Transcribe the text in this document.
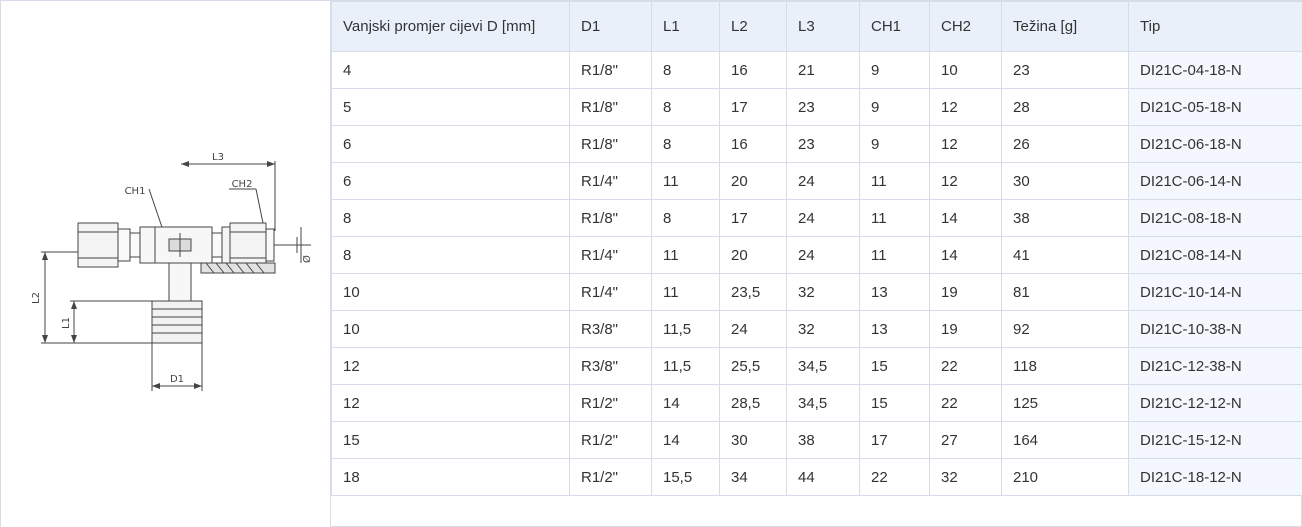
L3
CH1
CH2
D1
L2
L1
Ø
Vanjski promjer cijevi D [mm]	D1	L1	L2	L3	CH1	CH2	Težina [g]	Tip
4	R1/8"	8	16	21	9	10	23	DI21C-04-18-N
5	R1/8"	8	17	23	9	12	28	DI21C-05-18-N
6	R1/8"	8	16	23	9	12	26	DI21C-06-18-N
6	R1/4"	11	20	24	11	12	30	DI21C-06-14-N
8	R1/8"	8	17	24	11	14	38	DI21C-08-18-N
8	R1/4"	11	20	24	11	14	41	DI21C-08-14-N
10	R1/4"	11	23,5	32	13	19	81	DI21C-10-14-N
10	R3/8"	11,5	24	32	13	19	92	DI21C-10-38-N
12	R3/8"	11,5	25,5	34,5	15	22	118	DI21C-12-38-N
12	R1/2"	14	28,5	34,5	15	22	125	DI21C-12-12-N
15	R1/2"	14	30	38	17	27	164	DI21C-15-12-N
18	R1/2"	15,5	34	44	22	32	210	DI21C-18-12-N
